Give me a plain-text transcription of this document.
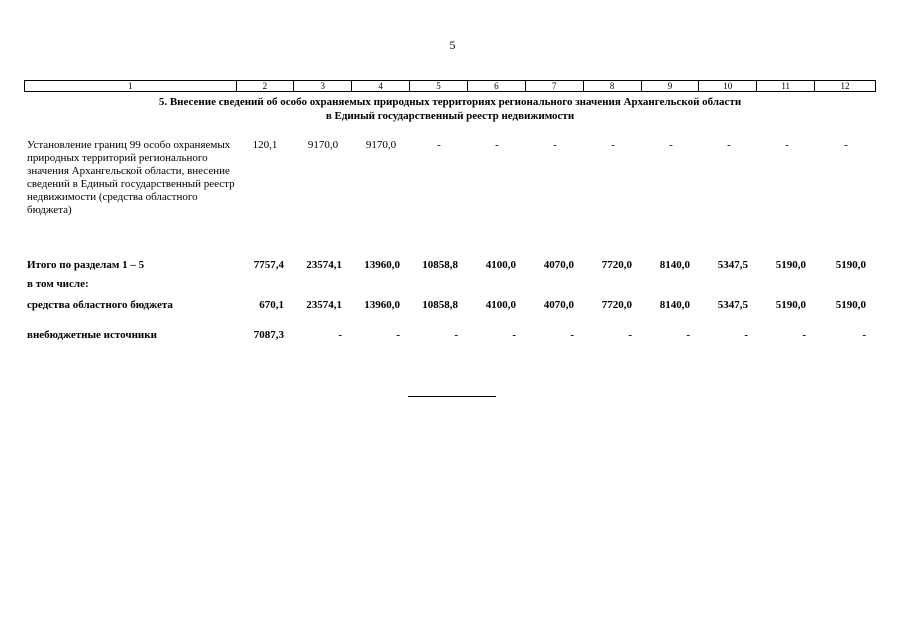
5
1	2	3	4	5	6	7	8	9	10	11	12
5. Внесение сведений об особо охраняемых природных территориях регионального значения Архангельской области
в Единый государственный реестр недвижимости
Установление границ 99 особо охраняемых природных территорий регионального значения Архангельской области, внесение сведений в Единый государственный реестр недвижимости (средства областного бюджета)
120,1	9170,0	9170,0	-	-	-	-	-	-	-	-
Итого по разделам 1 – 5	7757,4	23574,1	13960,0	10858,8	4100,0	4070,0	7720,0	8140,0	5347,5	5190,0	5190,0
в том числе:
средства областного бюджета	670,1	23574,1	13960,0	10858,8	4100,0	4070,0	7720,0	8140,0	5347,5	5190,0	5190,0
внебюджетные источники	7087,3	-	-	-	-	-	-	-	-	-	-
